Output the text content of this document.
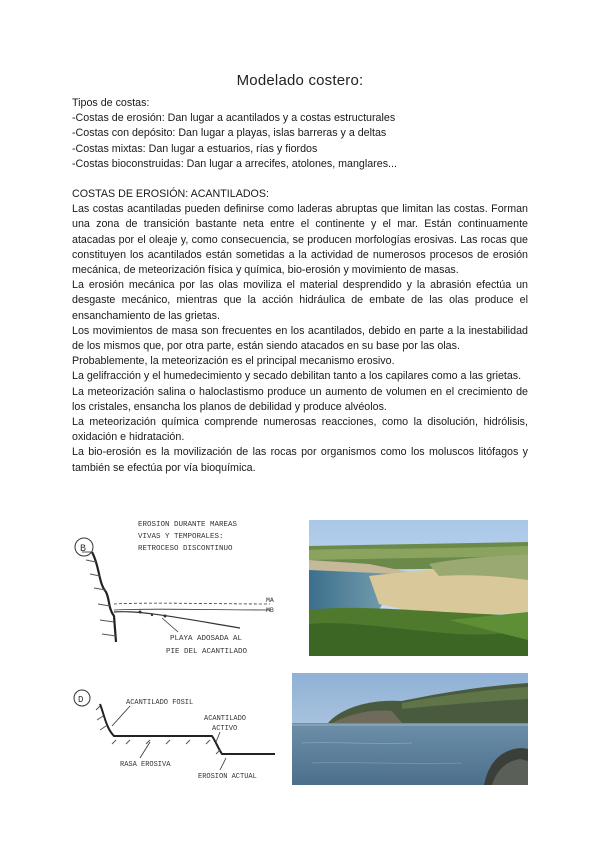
Modelado costero:

Tipos de costas:

-Costas de erosión: Dan lugar a acantilados y a costas estructurales

-Costas con depósito: Dan lugar a playas, islas barreras y a deltas

-Costas mixtas: Dan lugar a estuarios, rías y fiordos

-Costas bioconstruidas: Dan lugar a arrecifes, atolones, manglares...

COSTAS DE EROSIÓN: ACANTILADOS:

Las costas acantiladas pueden definirse como laderas abruptas que limitan las costas. Forman una zona de transición bastante neta entre el continente y el mar. Están continuamente atacadas por el oleaje y, como consecuencia, se producen morfologías erosivas. Las rocas que constituyen los acantilados están sometidas a la actividad de numerosos procesos de erosión mecánica, de meteorización física y química, bio-erosión y movimiento de masas.

La erosión mecánica por las olas moviliza el material desprendido y la abrasión efectúa un desgaste mecánico, mientras que la acción hidráulica de embate de las olas produce el ensanchamiento de las grietas.

Los movimientos de masa son frecuentes en los acantilados, debido en parte a la inestabilidad de los mismos que, por otra parte, están siendo atacados en su base por las olas.

Probablemente, la meteorización es el principal mecanismo erosivo.

La gelifracción y el humedecimiento y secado debilitan tanto a los capilares como a las grietas.

La meteorización salina o haloclastismo produce un aumento de volumen en el crecimiento de los cristales, ensancha los planos de debilidad y produce alvéolos.

La meteorización química comprende numerosas reacciones, como la disolución, hidrólisis, oxidación e hidratación.

La bio-erosión es la movilización de las rocas por organismos como los moluscos litófagos y también se efectúa por vía bioquímica.

B
EROSION DURANTE MAREAS
VIVAS Y TEMPORALES:
RETROCESO DISCONTINUO
MA
MB
PLAYA ADOSADA AL
PIE DEL ACANTILADO
D	ACANTILADO FOSIL
ACANTILADO
ACTIVO
RASA EROSIVA
EROSION ACTUAL
